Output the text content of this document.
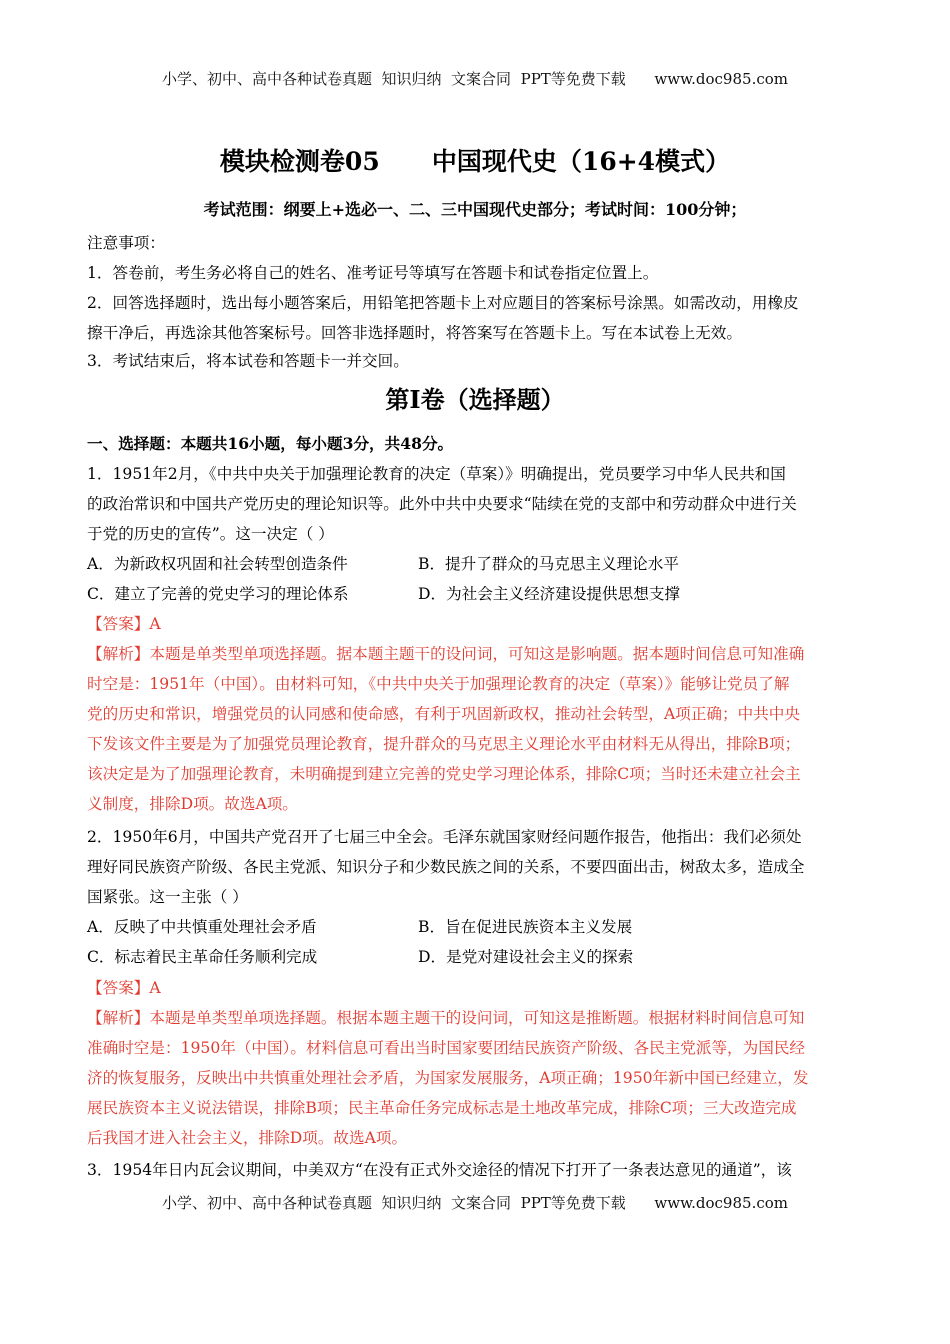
小学、初中、高中各种试卷真题  知识归纳  文案合同  PPT等免费下载      www.doc985.com
模块检测卷05      中国现代史（16+4模式）
考试范围：纲要上+选必一、二、三中国现代史部分；考试时间：100分钟；
注意事项：
1．答卷前，考生务必将自己的姓名、准考证号等填写在答题卡和试卷指定位置上。
2．回答选择题时，选出每小题答案后，用铅笔把答题卡上对应题目的答案标号涂黑。如需改动，用橡皮
擦干净后，再选涂其他答案标号。回答非选择题时，将答案写在答题卡上。写在本试卷上无效。
3．考试结束后，将本试卷和答题卡一并交回。
第I卷（选择题）
一、选择题：本题共16小题，每小题3分，共48分。
1．1951年2月，《中共中央关于加强理论教育的决定（草案）》明确提出，党员要学习中华人民共和国
的政治常识和中国共产党历史的理论知识等。此外中共中央要求“陆续在党的支部中和劳动群众中进行关
于党的历史的宣传”。这一决定（ ）
A．为新政权巩固和社会转型创造条件	B．提升了群众的马克思主义理论水平
C．建立了完善的党史学习的理论体系	D．为社会主义经济建设提供思想支撑
【答案】A
【解析】本题是单类型单项选择题。据本题主题干的设问词，可知这是影响题。据本题时间信息可知准确
时空是：1951年（中国）。由材料可知，《中共中央关于加强理论教育的决定（草案）》能够让党员了解
党的历史和常识，增强党员的认同感和使命感，有利于巩固新政权，推动社会转型，A项正确；中共中央
下发该文件主要是为了加强党员理论教育，提升群众的马克思主义理论水平由材料无从得出，排除B项；
该决定是为了加强理论教育，未明确提到建立完善的党史学习理论体系，排除C项；当时还未建立社会主
义制度，排除D项。故选A项。
2．1950年6月，中国共产党召开了七届三中全会。毛泽东就国家财经问题作报告，他指出：我们必须处
理好同民族资产阶级、各民主党派、知识分子和少数民族之间的关系，不要四面出击，树敌太多，造成全
国紧张。这一主张（ ）
A．反映了中共慎重处理社会矛盾	B．旨在促进民族资本主义发展
C．标志着民主革命任务顺利完成	D．是党对建设社会主义的探索
【答案】A
【解析】本题是单类型单项选择题。根据本题主题干的设问词，可知这是推断题。根据材料时间信息可知
准确时空是：1950年（中国）。材料信息可看出当时国家要团结民族资产阶级、各民主党派等，为国民经
济的恢复服务，反映出中共慎重处理社会矛盾，为国家发展服务，A项正确；1950年新中国已经建立，发
展民族资本主义说法错误，排除B项；民主革命任务完成标志是土地改革完成，排除C项；三大改造完成
后我国才进入社会主义，排除D项。故选A项。
3．1954年日内瓦会议期间，中美双方“在没有正式外交途径的情况下打开了一条表达意见的通道”，该
小学、初中、高中各种试卷真题  知识归纳  文案合同  PPT等免费下载      www.doc985.com
